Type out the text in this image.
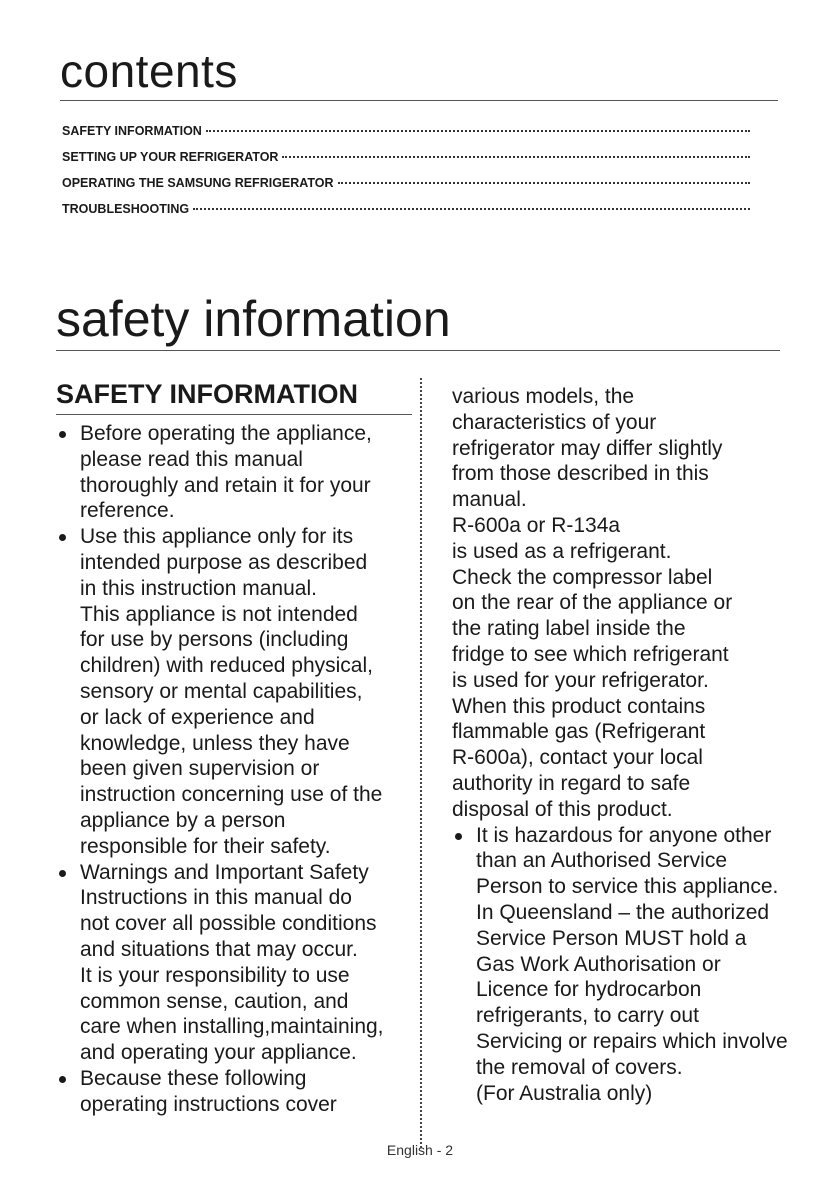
contents
SAFETY INFORMATION
SETTING UP YOUR REFRIGERATOR
OPERATING THE SAMSUNG REFRIGERATOR
TROUBLESHOOTING
safety information
SAFETY INFORMATION
Before operating the appliance,
please read this manual
thoroughly and retain it for your
reference.
Use this appliance only for its
intended purpose as described
in this instruction manual.
This appliance is not intended
for use by persons (including
children) with reduced physical,
sensory or mental capabilities,
or lack of experience and
knowledge, unless they have
been given supervision or
instruction concerning use of the
appliance by a person
responsible for their safety.
Warnings and Important Safety
Instructions in this manual do
not cover all possible conditions
and situations that may occur.
It is your responsibility to use
common sense, caution, and
care when installing,maintaining,
and operating your appliance.
Because these following
operating instructions cover
various models, the
characteristics of your
refrigerator may differ slightly
from those described in this
manual.
R-600a or R-134a
is used as a refrigerant.
Check the compressor label
on the rear of the appliance or
the rating label inside the
fridge to see which refrigerant
is used for your refrigerator.
When this product contains
flammable gas (Refrigerant
R-600a), contact your local
authority in regard to safe
disposal of this product.
It is hazardous for anyone other
than an Authorised Service
Person to service this appliance.
In Queensland – the authorized
Service Person MUST hold a
Gas Work Authorisation or
Licence for hydrocarbon
refrigerants, to carry out
Servicing or repairs which involve
the removal of covers.
(For Australia only)
English - 2
